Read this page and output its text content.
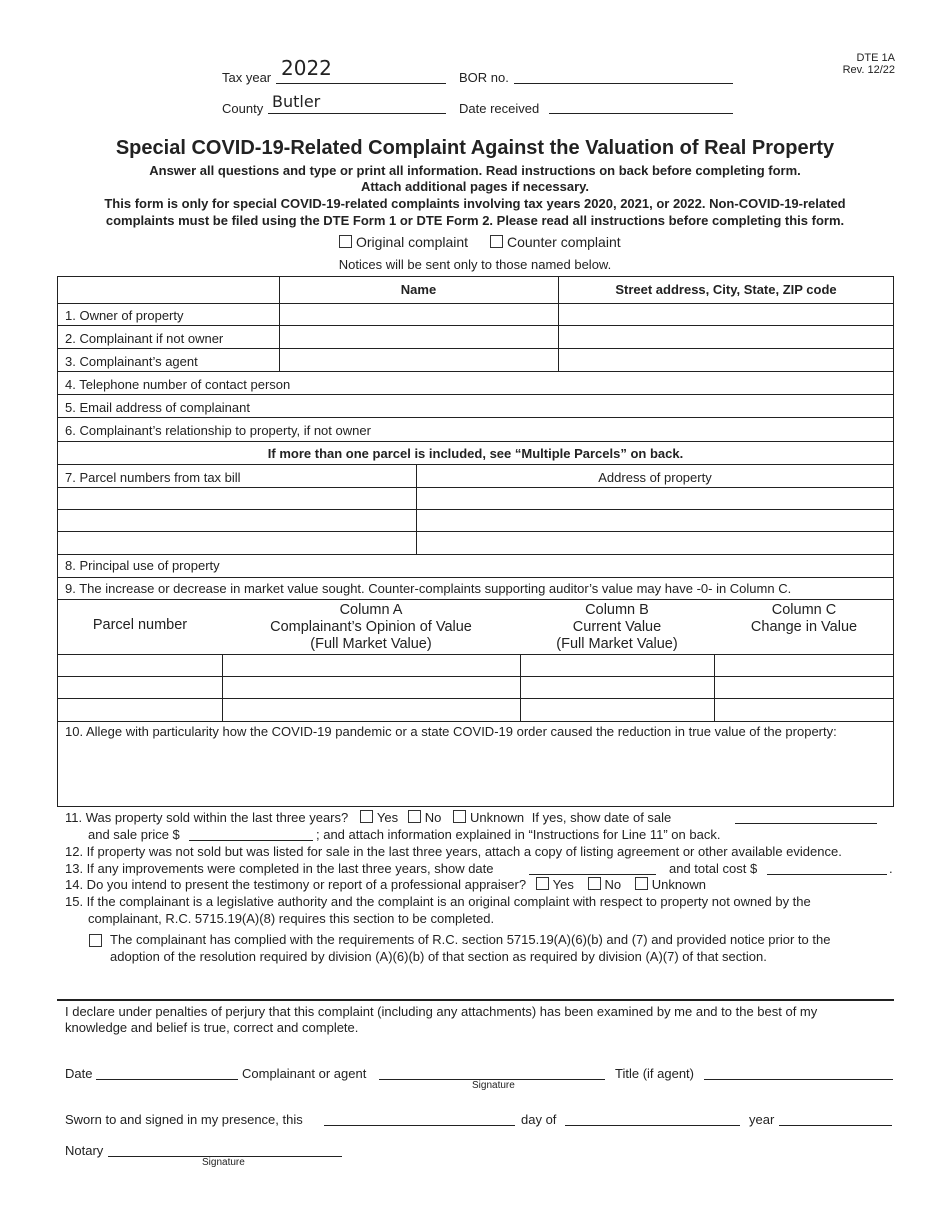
DTE 1A
Rev. 12/22
Tax year 2022
County Butler
BOR no.
Date received
Special COVID-19-Related Complaint Against the Valuation of Real Property
Answer all questions and type or print all information. Read instructions on back before completing form.
Attach additional pages if necessary.
This form is only for special COVID-19-related complaints involving tax years 2020, 2021, or 2022. Non-COVID-19-related
complaints must be filed using the DTE Form 1 or DTE Form 2. Please read all instructions before completing this form.
Original complaint	Counter complaint
Notices will be sent only to those named below.
Name	Street address, City, State, ZIP code
1. Owner of property
2. Complainant if not owner
3. Complainant’s agent
4. Telephone number of contact person
5. Email address of complainant
6. Complainant’s relationship to property, if not owner
If more than one parcel is included, see “Multiple Parcels” on back.
7. Parcel numbers from tax bill	Address of property
8. Principal use of property
9. The increase or decrease in market value sought. Counter-complaints supporting auditor’s value may have -0- in Column C.
Parcel number
Column A
Complainant’s Opinion of Value
(Full Market Value)
Column B
Current Value
(Full Market Value)
Column C
Change in Value
10. Allege with particularity how the COVID-19 pandemic or a state COVID-19 order caused the reduction in true value of the property:
11. Was property sold within the last three years? Yes No Unknown If yes, show date of sale
and sale price $	; and attach information explained in “Instructions for Line 11” on back.
12. If property was not sold but was listed for sale in the last three years, attach a copy of listing agreement or other available evidence.
13. If any improvements were completed in the last three years, show date	and total cost $	.
14. Do you intend to present the testimony or report of a professional appraiser? Yes No Unknown
15. If the complainant is a legislative authority and the complaint is an original complaint with respect to property not owned by the
complainant, R.C. 5715.19(A)(8) requires this section to be completed.
The complainant has complied with the requirements of R.C. section 5715.19(A)(6)(b) and (7) and provided notice prior to the
adoption of the resolution required by division (A)(6)(b) of that section as required by division (A)(7) of that section.
I declare under penalties of perjury that this complaint (including any attachments) has been examined by me and to the best of my
knowledge and belief is true, correct and complete.
Date	Complainant or agent
Signature
Title (if agent)
Sworn to and signed in my presence, this	day of	year
Notary
Signature
